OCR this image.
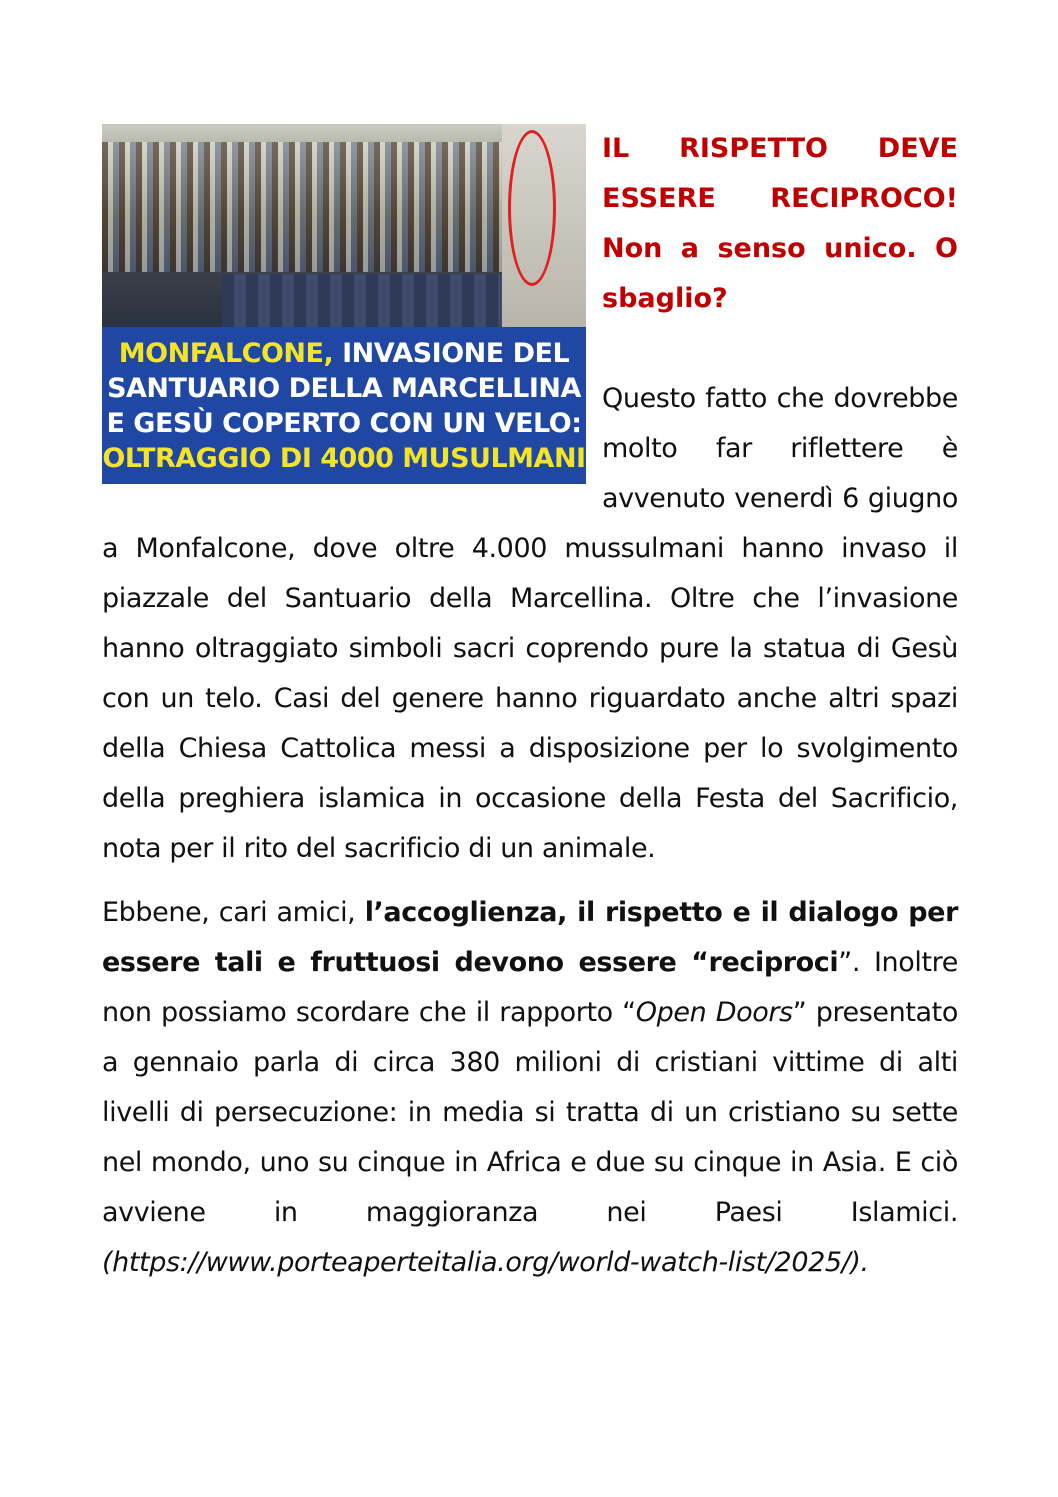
MONFALCONE, INVASIONE DEL
SANTUARIO DELLA MARCELLINA
E GESÙ COPERTO CON UN VELO:
OLTRAGGIO DI 4000 MUSULMANI
IL RISPETTO DEVE
ESSERE RECIPROCO!
Non a senso unico. O
sbaglio?

Questo fatto che dovrebbe molto far riflettere è avvenuto venerdì 6 giugno a Monfalcone, dove oltre 4.000 mussulmani hanno invaso il piazzale del Santuario della Marcellina. Oltre che l’invasione hanno oltraggiato simboli sacri coprendo pure la statua di Gesù con un telo. Casi del genere hanno riguardato anche altri spazi della Chiesa Cattolica messi a disposizione per lo svolgimento della preghiera islamica in occasione della Festa del Sacrificio, nota per il rito del sacrificio di un animale.

Ebbene, cari amici, l’accoglienza, il rispetto e il dialogo per essere tali e fruttuosi devono essere “reciproci”. Inoltre non possiamo scordare che il rapporto “Open Doors” presentato a gennaio parla di circa 380 milioni di cristiani vittime di alti livelli di persecuzione: in media si tratta di un cristiano su sette nel mondo, uno su cinque in Africa e due su cinque in Asia. E ciò avviene in maggioranza nei Paesi Islamici. (https://www.porteaperteitalia.org/world-watch-list/2025/).
